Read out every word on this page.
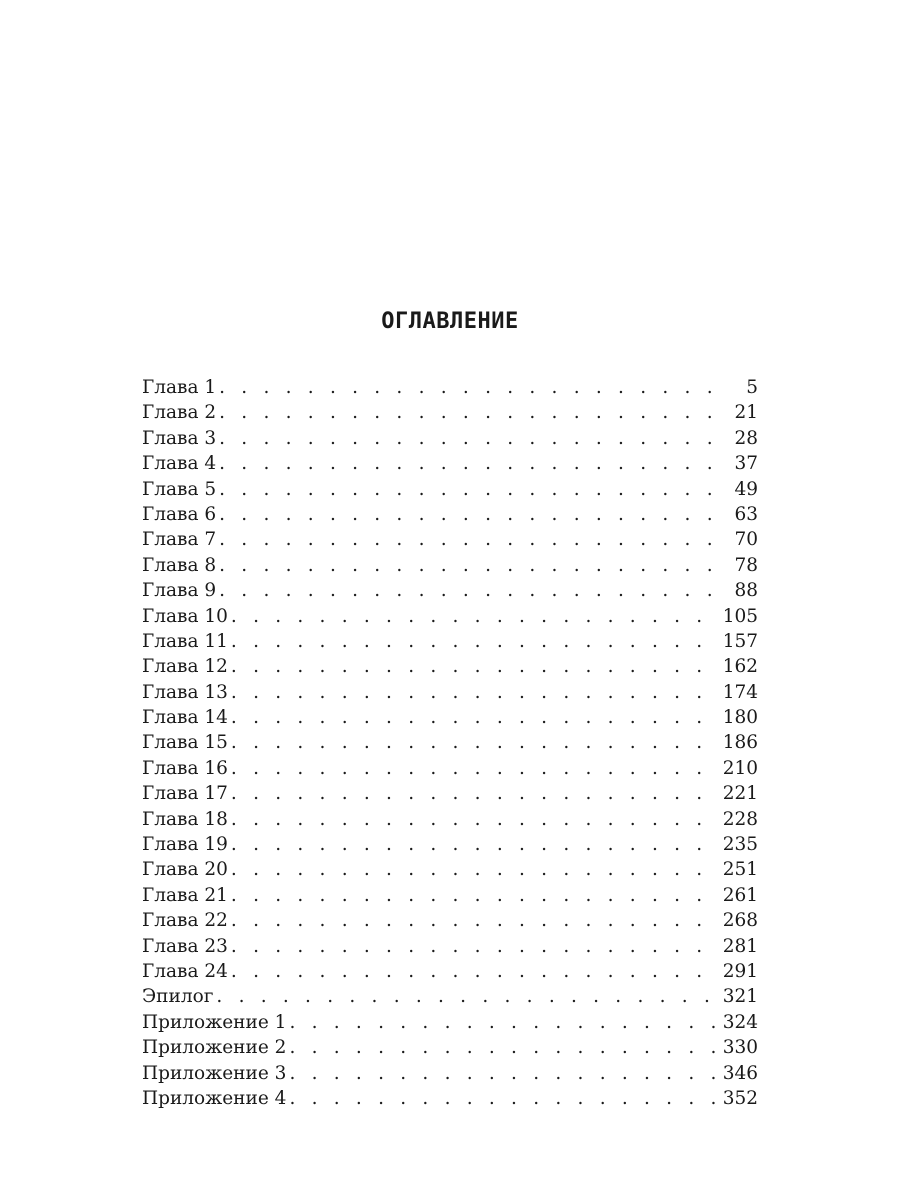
ОГЛАВЛЕНИЕ
Глава 1 . . .	5
Глава 2 . . .	21
Глава 3 . . .	28
Глава 4 . . .	37
Глава 5 . . .	49
Глава 6 . . .	63
Глава 7 . . .	70
Глава 8 . . .	78
Глава 9 . . .	88
Глава 10 . . .	105
Глава 11 . . .	157
Глава 12 . . .	162
Глава 13 . . .	174
Глава 14 . . .	180
Глава 15 . . .	186
Глава 16 . . .	210
Глава 17 . . .	221
Глава 18 . . .	228
Глава 19 . . .	235
Глава 20 . . .	251
Глава 21 . . .	261
Глава 22 . . .	268
Глава 23 . . .	281
Глава 24 . . .	291
Эпилог . . .	321
Приложение 1 . . .	324
Приложение 2 . . .	330
Приложение 3 . . .	346
Приложение 4 . . .	352
